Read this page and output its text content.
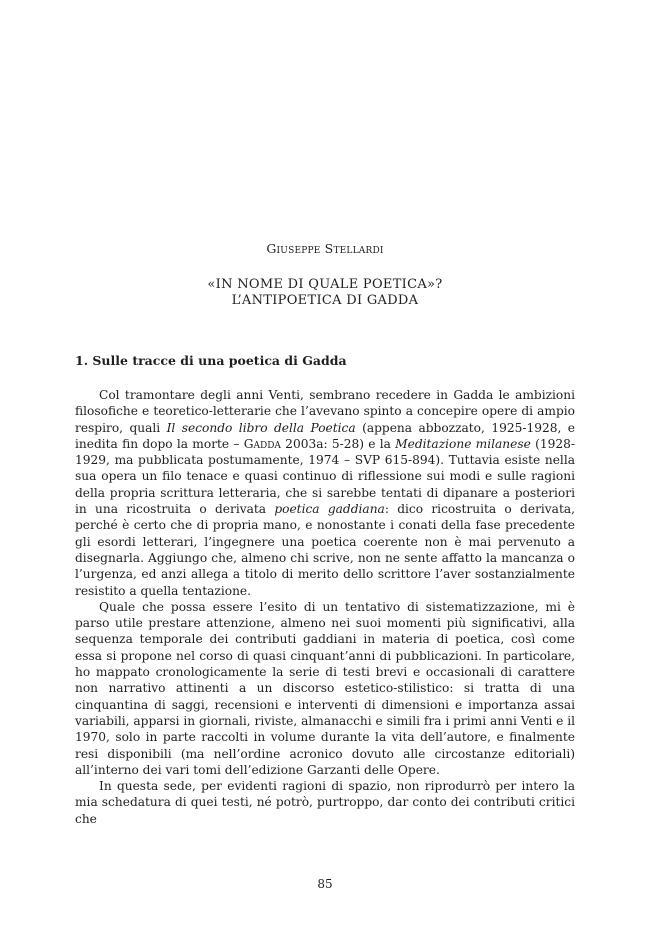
Giuseppe Stellardi
«IN NOME DI QUALE POETICA»?
L’ANTIPOETICA DI GADDA
1. Sulle tracce di una poetica di Gadda

Col tramontare degli anni Venti, sembrano recedere in Gadda le ambizioni filosofiche e teoretico-letterarie che l’avevano spinto a concepire opere di ampio respiro, quali Il secondo libro della Poetica (appena abbozzato, 1925-1928, e inedita fin dopo la morte – Gadda 2003a: 5-28) e la Meditazione milanese (1928-1929, ma pubblicata postumamente, 1974 – SVP 615-894). Tuttavia esiste nella sua opera un filo tenace e quasi continuo di riflessione sui modi e sulle ragioni della propria scrittura letteraria, che si sarebbe tentati di dipanare a posteriori in una ricostruita o derivata poetica gaddiana: dico ricostruita o derivata, perché è certo che di propria mano, e nonostante i conati della fase precedente gli esordi letterari, l’ingegnere una poetica coerente non è mai pervenuto a disegnarla. Aggiungo che, almeno chi scrive, non ne sente affatto la mancanza o l’urgenza, ed anzi allega a titolo di merito dello scrittore l’aver sostanzialmente resistito a quella tentazione.

Quale che possa essere l’esito di un tentativo di sistematizzazione, mi è parso utile prestare attenzione, almeno nei suoi momenti più significativi, alla sequenza temporale dei contributi gaddiani in materia di poetica, così come essa si propone nel corso di quasi cinquant’anni di pubblicazioni. In particolare, ho mappato cronologicamente la serie di testi brevi e occasionali di carattere non narrativo attinenti a un discorso estetico-stilistico: si tratta di una cinquantina di saggi, recensioni e interventi di dimensioni e importanza assai variabili, apparsi in giornali, riviste, almanacchi e simili fra i primi anni Venti e il 1970, solo in parte raccolti in volume durante la vita dell’autore, e finalmente resi disponibili (ma nell’ordine acronico dovuto alle circostanze editoriali) all’interno dei vari tomi dell’edizione Garzanti delle Opere.

In questa sede, per evidenti ragioni di spazio, non riprodurrò per intero la mia schedatura di quei testi, né potrò, purtroppo, dar conto dei contributi critici che

85
